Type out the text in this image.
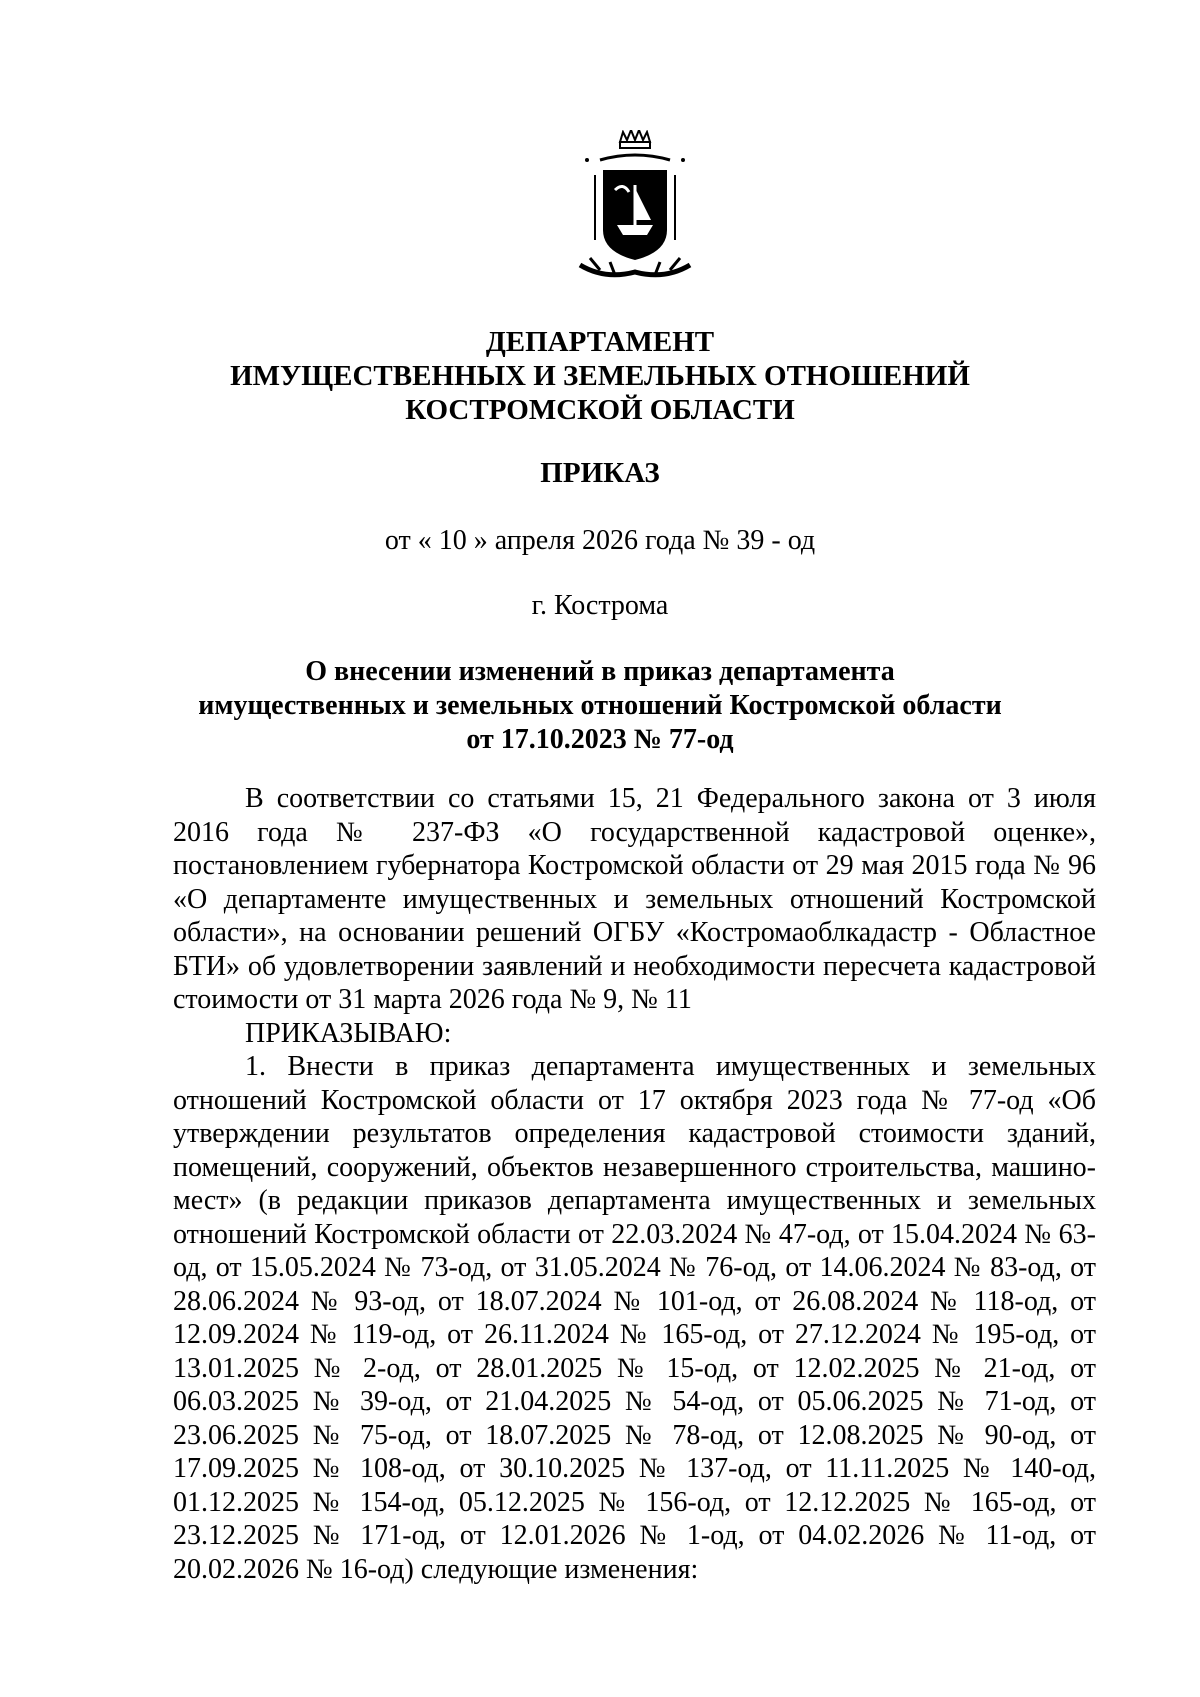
ДЕПАРТАМЕНТ
ИМУЩЕСТВЕННЫХ И ЗЕМЕЛЬНЫХ ОТНОШЕНИЙ
КОСТРОМСКОЙ ОБЛАСТИ
ПРИКАЗ
от « 10 » апреля 2026 года № 39 - од
г. Кострома
О внесении изменений в приказ департамента
имущественных и земельных отношений Костромской области
от 17.10.2023 № 77-од

В соответствии со статьями 15, 21 Федерального закона от 3 июля 2016 года № 237-ФЗ «О государственной кадастровой оценке», постановлением губернатора Костромской области от 29 мая 2015 года № 96 «О департаменте имущественных и земельных отношений Костромской области», на основании решений ОГБУ «Костромаоблкадастр - Областное БТИ» об удовлетворении заявлений и необходимости пересчета кадастровой стоимости от 31 марта 2026 года № 9, № 11

ПРИКАЗЫВАЮ:

1. Внести в приказ департамента имущественных и земельных отношений Костромской области от 17 октября 2023 года № 77-од «Об утверждении результатов определения кадастровой стоимости зданий, помещений, сооружений, объектов незавершенного строительства, машино-мест» (в редакции приказов департамента имущественных и земельных отношений Костромской области от 22.03.2024 № 47-од, от 15.04.2024 № 63-од, от 15.05.2024 № 73-од, от 31.05.2024 № 76-од, от 14.06.2024 № 83-од, от 28.06.2024 № 93-од, от 18.07.2024 № 101-од, от 26.08.2024 № 118-од, от 12.09.2024 № 119-од, от 26.11.2024 № 165-од, от 27.12.2024 № 195-од, от 13.01.2025 № 2-од, от 28.01.2025 № 15-од, от 12.02.2025 № 21-од, от 06.03.2025 № 39-од, от 21.04.2025 № 54-од, от 05.06.2025 № 71-од, от 23.06.2025 № 75-од, от 18.07.2025 № 78-од, от 12.08.2025 № 90-од, от 17.09.2025 № 108-од, от 30.10.2025 № 137-од, от 11.11.2025 № 140-од, 01.12.2025 № 154-од, 05.12.2025 № 156-од, от 12.12.2025 № 165-од, от 23.12.2025 № 171-од, от 12.01.2026 № 1-од, от 04.02.2026 № 11-од, от 20.02.2026 № 16-од) следующие изменения:
